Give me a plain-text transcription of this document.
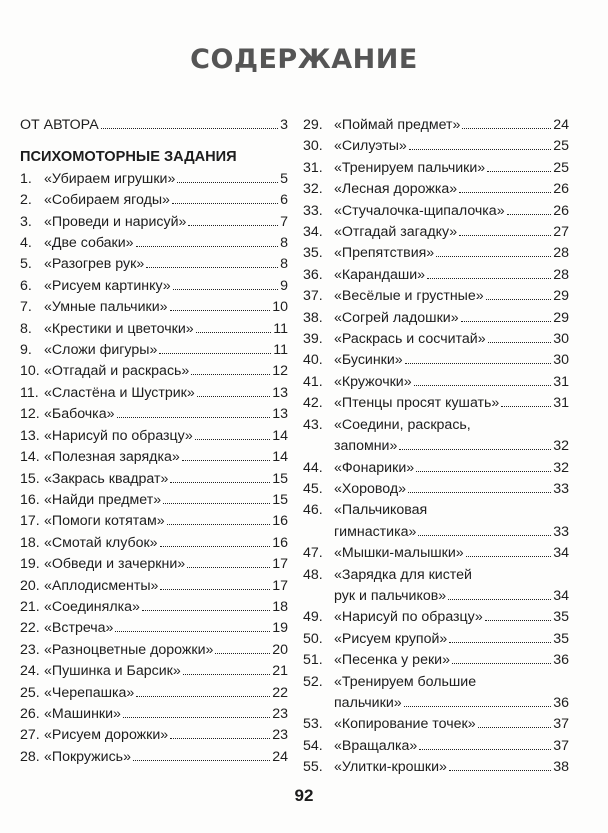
СОДЕРЖАНИЕ
ОТ АВТОРА	3
ПСИХОМОТОРНЫЕ ЗАДАНИЯ
1. «Убираем игрушки»	5
2. «Собираем ягоды»	6
3. «Проведи и нарисуй»	7
4. «Две собаки»	8
5. «Разогрев рук»	8
6. «Рисуем картинку»	9
7. «Умные пальчики»	10
8. «Крестики и цветочки»	11
9. «Сложи фигуры»	11
10. «Отгадай и раскрась»	12
11. «Сластёна и Шустрик»	13
12. «Бабочка»	13
13. «Нарисуй по образцу»	14
14. «Полезная зарядка»	14
15. «Закрась квадрат»	15
16. «Найди предмет»	15
17. «Помоги котятам»	16
18. «Смотай клубок»	16
19. «Обведи и зачеркни»	17
20. «Аплодисменты»	17
21. «Соединялка»	18
22. «Встреча»	19
23. «Разноцветные дорожки»	20
24. «Пушинка и Барсик»	21
25. «Черепашка»	22
26. «Машинки»	23
27. «Рисуем дорожки»	23
28. «Покружись»	24
29. «Поймай предмет»	24
30. «Силуэты»	25
31. «Тренируем пальчики»	25
32. «Лесная дорожка»	26
33. «Стучалочка-щипалочка»	26
34. «Отгадай загадку»	27
35. «Препятствия»	28
36. «Карандаши»	28
37. «Весёлые и грустные»	29
38. «Согрей ладошки»	29
39. «Раскрась и сосчитай»	30
40. «Бусинки»	30
41. «Кружочки»	31
42. «Птенцы просят кушать»	31
43. «Соедини, раскрась,
запомни»	32
44. «Фонарики»	32
45. «Хоровод»	33
46. «Пальчиковая
гимнастика»	33
47. «Мышки-малышки»	34
48. «Зарядка для кистей
рук и пальчиков»	34
49. «Нарисуй по образцу»	35
50. «Рисуем крупой»	35
51. «Песенка у реки»	36
52. «Тренируем большие
пальчики»	36
53. «Копирование точек»	37
54. «Вращалка»	37
55. «Улитки-крошки»	38
92
